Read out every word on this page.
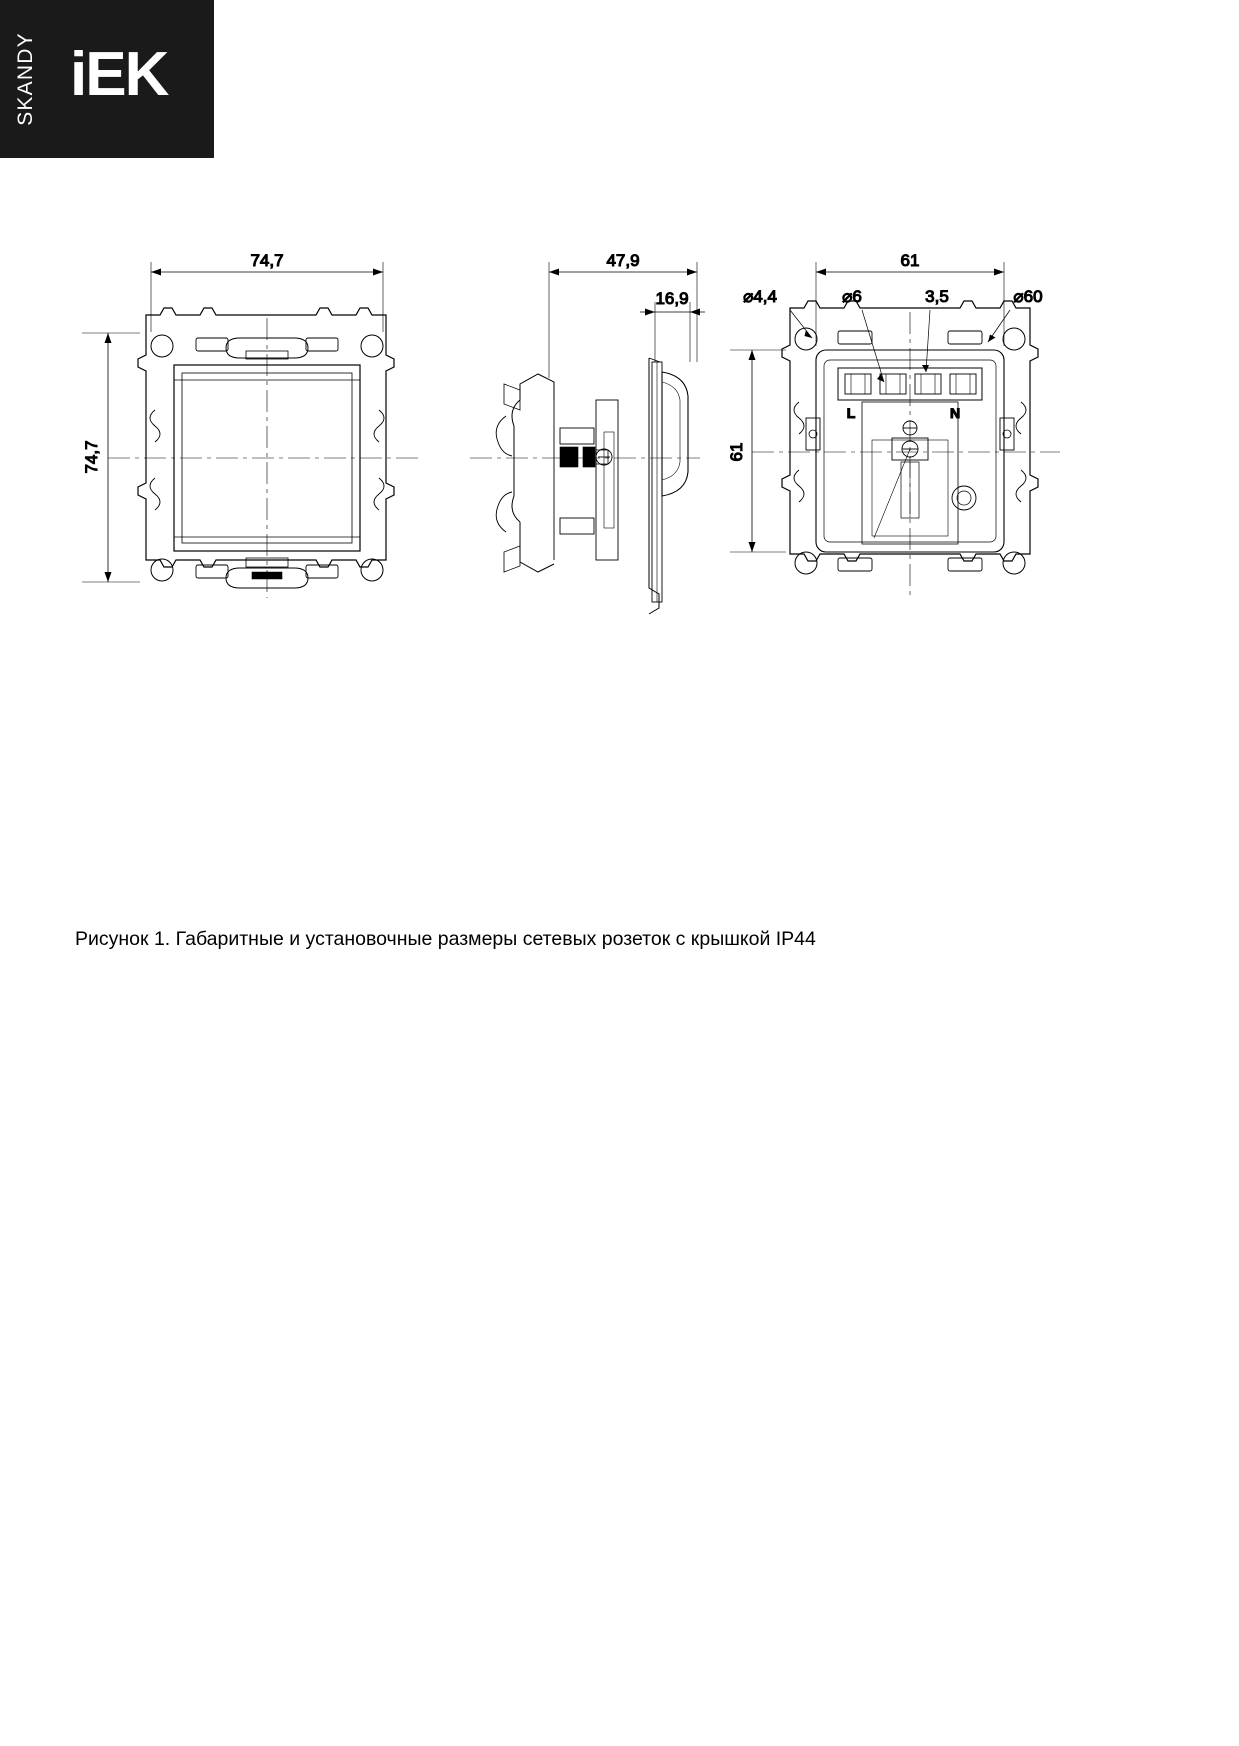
SKANDY iEK
74,7
74,7
47,9
16,9
L	N
61
61
⌀4,4	⌀6	3,5	⌀60
Рисунок 1. Габаритные и установочные размеры сетевых розеток с крышкой IP44
